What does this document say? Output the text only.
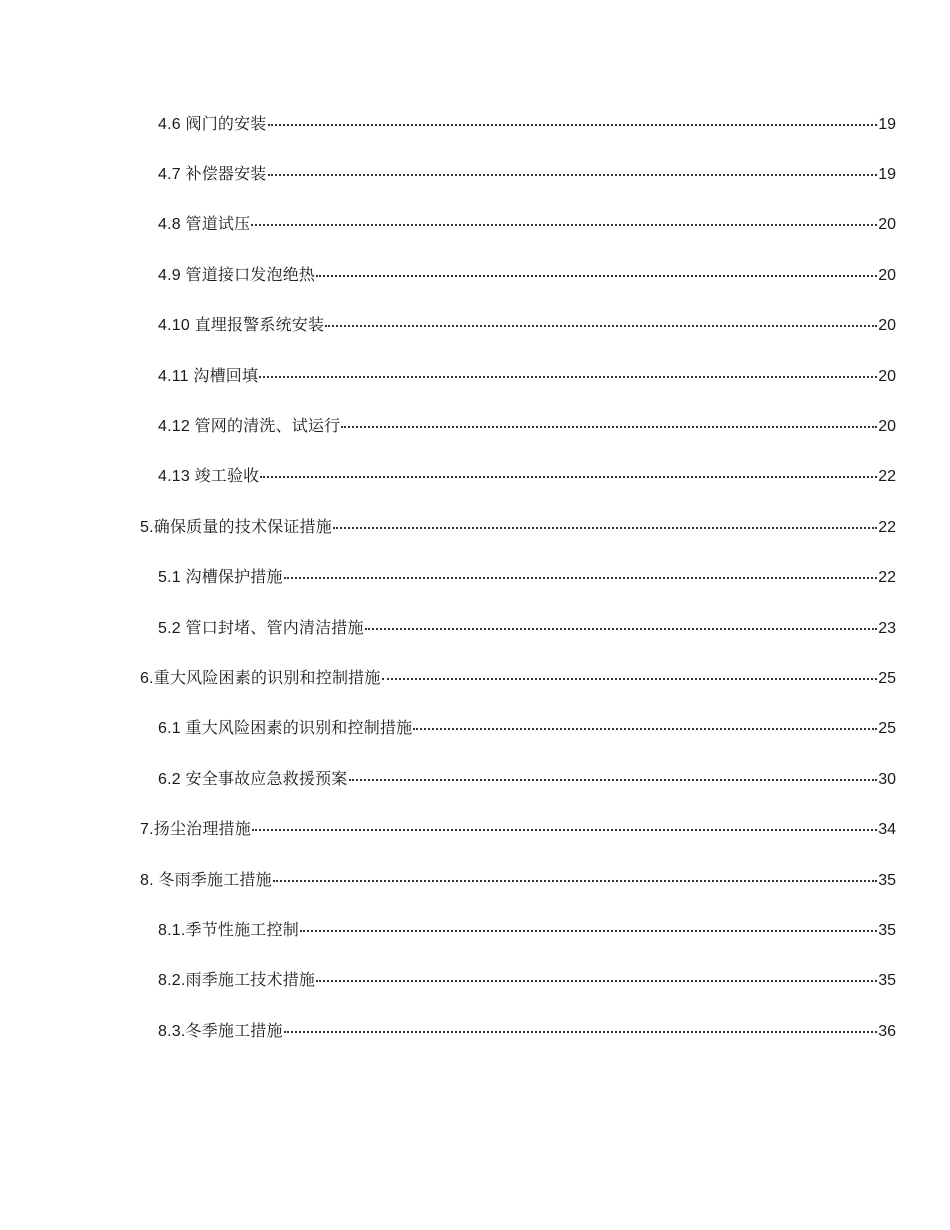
4.6 阀门的安装	19
4.7 补偿器安装	19
4.8 管道试压	20
4.9 管道接口发泡绝热	20
4.10 直埋报警系统安装	20
4.11 沟槽回填	20
4.12 管网的清洗、试运行	20
4.13 竣工验收	22
5.确保质量的技术保证措施	22
5.1 沟槽保护措施	22
5.2 管口封堵、管内清洁措施	23
6.重大风险困素的识别和控制措施	25
6.1 重大风险困素的识别和控制措施	25
6.2 安全事故应急救援预案	30
7.扬尘治理措施	34
8. 冬雨季施工措施	35
8.1.季节性施工控制	35
8.2.雨季施工技术措施	35
8.3.冬季施工措施	36
